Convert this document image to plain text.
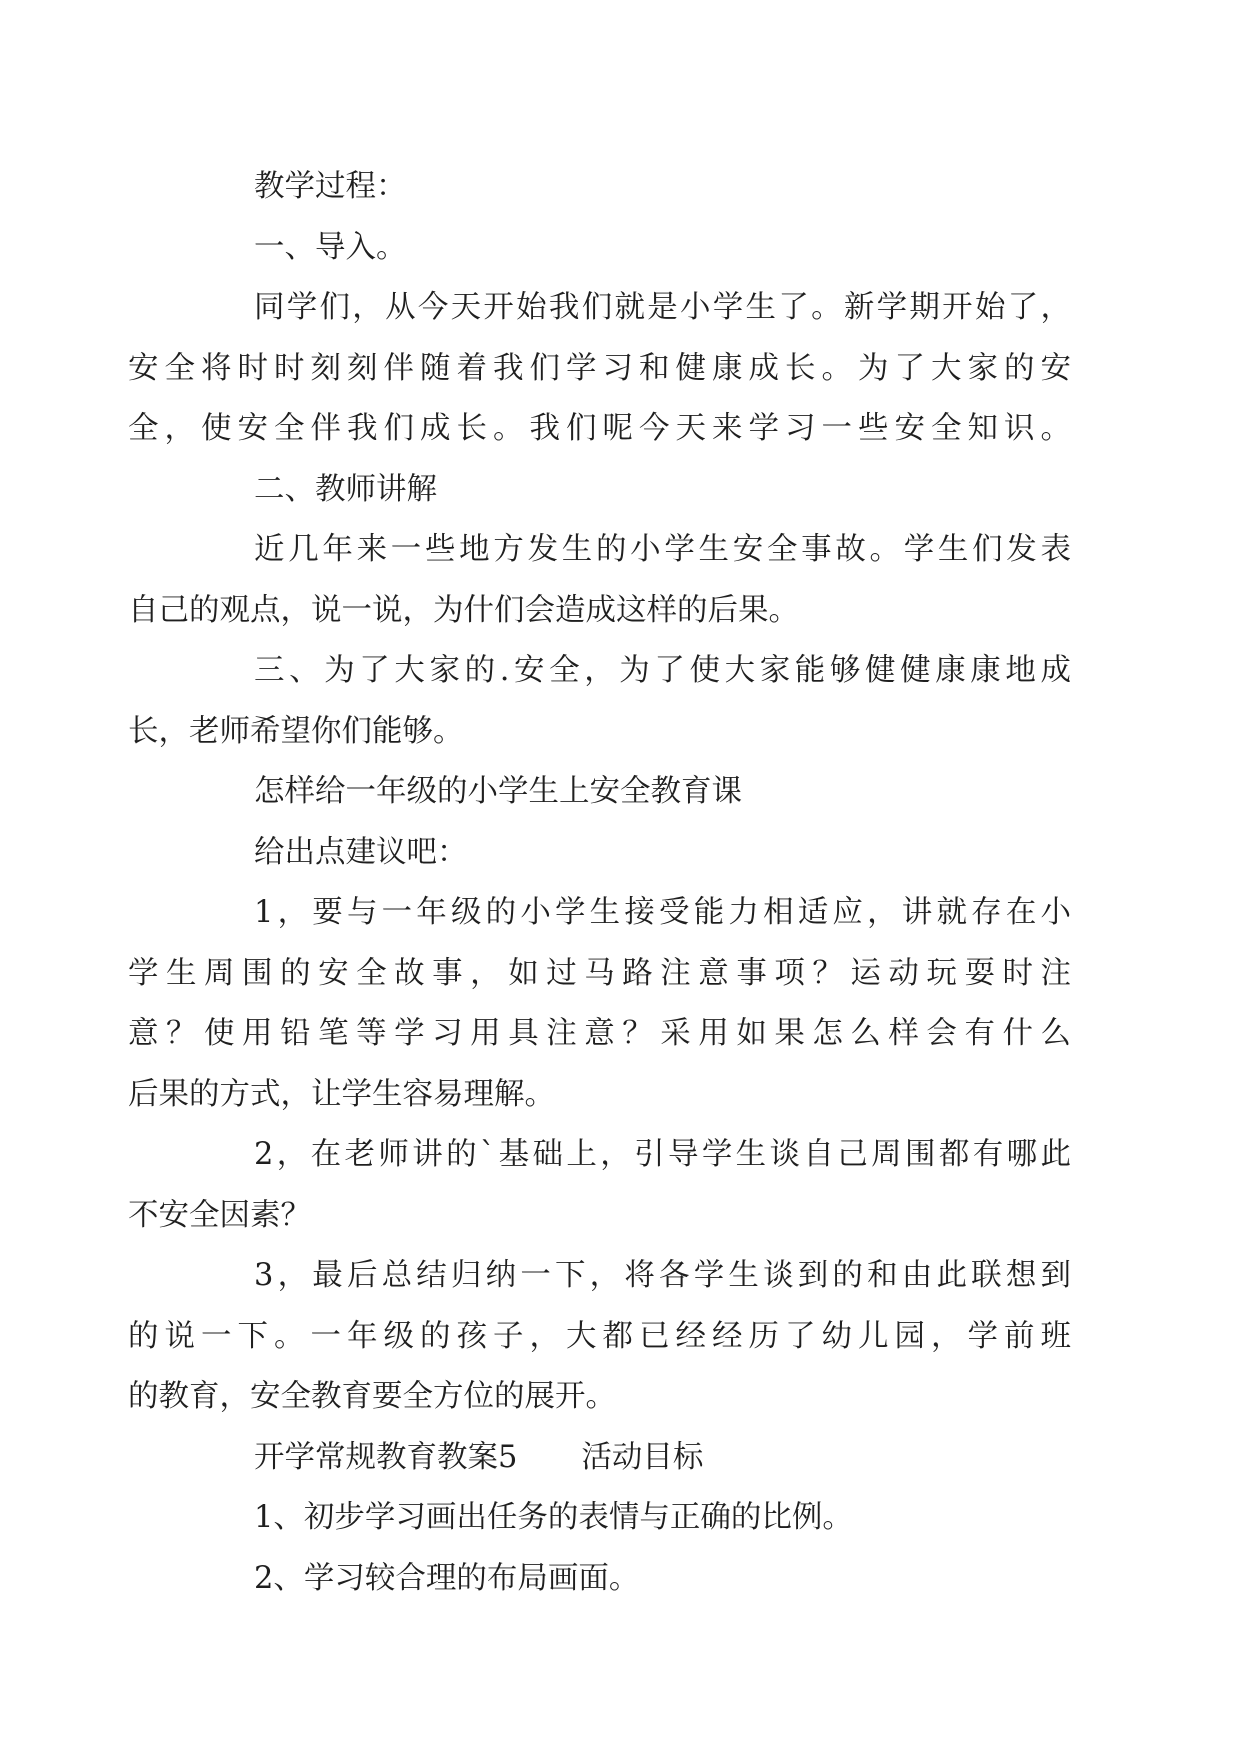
教学过程：

一、导入。

同学们，从今天开始我们就是小学生了。新学期开始了，
安全将时时刻刻伴随着我们学习和健康成长。为了大家的安
全，使安全伴我们成长。我们呢今天来学习一些安全知识。

二、教师讲解

近几年来一些地方发生的小学生安全事故。学生们发表
自己的观点，说一说，为什们会造成这样的后果。

三、为了大家的.安全，为了使大家能够健健康康地成
长，老师希望你们能够。

怎样给一年级的小学生上安全教育课

给出点建议吧：

1，要与一年级的小学生接受能力相适应，讲就存在小
学生周围的安全故事，如过马路注意事项？运动玩耍时注
意？使用铅笔等学习用具注意？采用如果怎么样会有什么
后果的方式，让学生容易理解。

2，在老师讲的`基础上，引导学生谈自己周围都有哪此
不安全因素？

3，最后总结归纳一下，将各学生谈到的和由此联想到
的说一下。一年级的孩子，大都已经经历了幼儿园，学前班
的教育，安全教育要全方位的展开。

开学常规教育教案5 活动目标

1、初步学习画出任务的表情与正确的比例。

2、学习较合理的布局画面。
